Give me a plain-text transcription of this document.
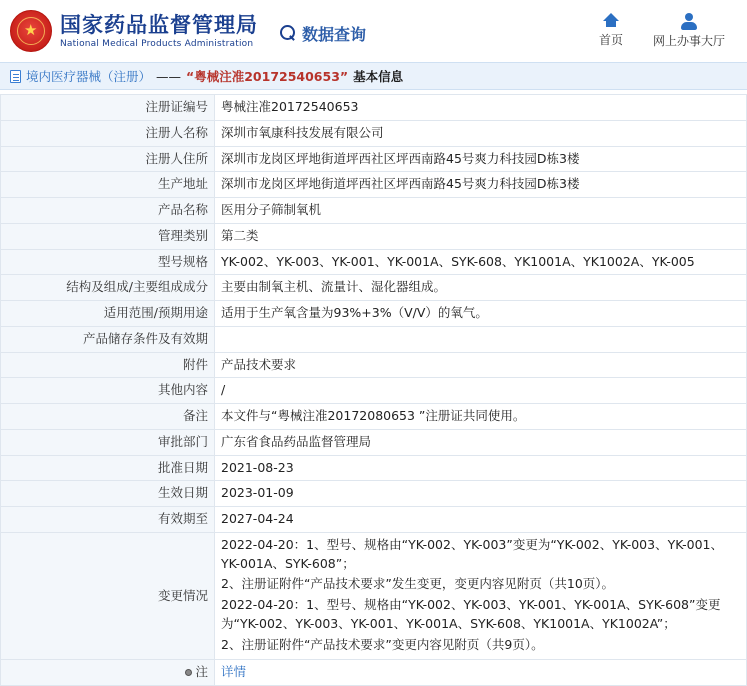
★ 国家药品监督管理局
National Medical Products Administration
数据查询	首页	网上办事大厅
境内医疗器械（注册） —— “粤械注准20172540653” 基本信息
注册证编号	粤械注准20172540653
注册人名称	深圳市氧康科技发展有限公司
注册人住所	深圳市龙岗区坪地街道坪西社区坪西南路45号爽力科技园D栋3楼
生产地址	深圳市龙岗区坪地街道坪西社区坪西南路45号爽力科技园D栋3楼
产品名称	医用分子筛制氧机
管理类别	第二类
型号规格	YK-002、YK-003、YK-001、YK-001A、SYK-608、YK1001A、YK1002A、YK-005
结构及组成/主要组成成分	主要由制氧主机、流量计、湿化器组成。
适用范围/预期用途	适用于生产氧含量为93%+3%（V/V）的氧气。
产品储存条件及有效期	
附件	产品技术要求
其他内容	/
备注	本文件与“粤械注准20172080653 ”注册证共同使用。
审批部门	广东省食品药品监督管理局
批准日期	2021-08-23
生效日期	2023-01-09
有效期至	2027-04-24
变更情况	2022-04-20：1、型号、规格由“YK-002、YK-003”变更为“YK-002、YK-003、YK-001、YK-001A、SYK-608”；

2、注册证附件“产品技术要求”发生变更，变更内容见附页（共10页）。

2022-04-20：1、型号、规格由“YK-002、YK-003、YK-001、YK-001A、SYK-608”变更为“YK-002、YK-003、YK-001、YK-001A、SYK-608、YK1001A、YK1002A”；

2、注册证附件“产品技术要求”变更内容见附页（共9页）。

注	详情
